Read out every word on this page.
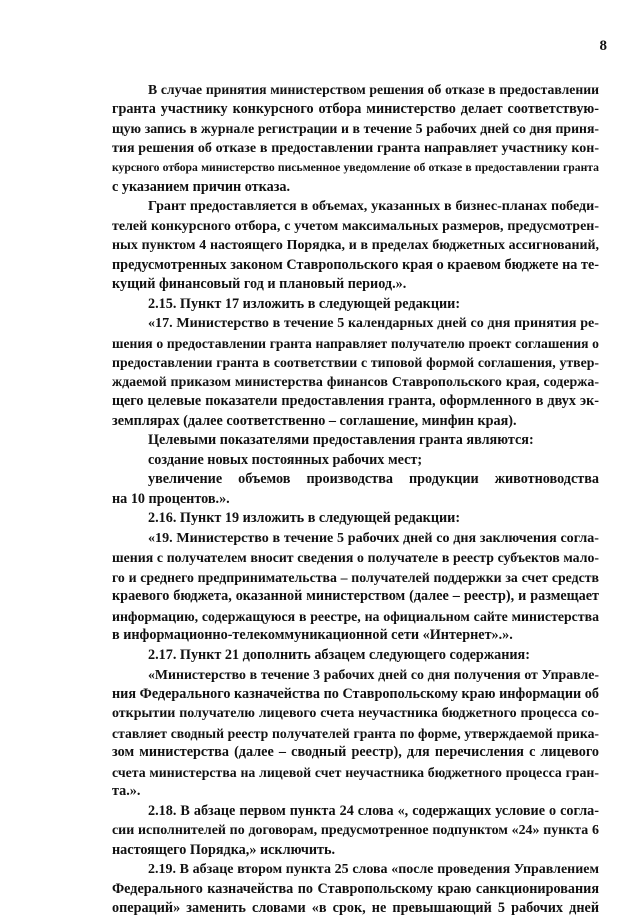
8
В случае принятия министерством решения об отказе в предоставлении
гранта участнику конкурсного отбора министерство делает соответствую-
щую запись в журнале регистрации и в течение 5 рабочих дней со дня приня-
тия решения об отказе в предоставлении гранта направляет участнику кон-
курсного отбора министерство письменное уведомление об отказе в предоставлении гранта
с указанием причин отказа.
Грант предоставляется в объемах, указанных в бизнес-планах победи-
телей конкурсного отбора, с учетом максимальных размеров, предусмотрен-
ных пунктом 4 настоящего Порядка, и в пределах бюджетных ассигнований,
предусмотренных законом Ставропольского края о краевом бюджете на те-
кущий финансовый год и плановый период.».
2.15. Пункт 17 изложить в следующей редакции:
«17. Министерство в течение 5 календарных дней со дня принятия ре-
шения о предоставлении гранта направляет получателю проект соглашения о
предоставлении гранта в соответствии с типовой формой соглашения, утвер-
ждаемой приказом министерства финансов Ставропольского края, содержа-
щего целевые показатели предоставления гранта, оформленного в двух эк-
земплярах (далее соответственно – соглашение, минфин края).
Целевыми показателями предоставления гранта являются:
создание новых постоянных рабочих мест;
увеличение объемов производства продукции животноводства
на 10 процентов.».
2.16. Пункт 19 изложить в следующей редакции:
«19. Министерство в течение 5 рабочих дней со дня заключения согла-
шения с получателем вносит сведения о получателе в реестр субъектов мало-
го и среднего предпринимательства – получателей поддержки за счет средств
краевого бюджета, оказанной министерством (далее – реестр), и размещает
информацию, содержащуюся в реестре, на официальном сайте министерства
в информационно-телекоммуникационной сети «Интернет».».
2.17. Пункт 21 дополнить абзацем следующего содержания:
«Министерство в течение 3 рабочих дней со дня получения от Управле-
ния Федерального казначейства по Ставропольскому краю информации об
открытии получателю лицевого счета неучастника бюджетного процесса со-
ставляет сводный реестр получателей гранта по форме, утверждаемой прика-
зом министерства (далее – сводный реестр), для перечисления с лицевого
счета министерства на лицевой счет неучастника бюджетного процесса гран-
та.».
2.18. В абзаце первом пункта 24 слова «, содержащих условие о согла-
сии исполнителей по договорам, предусмотренное подпунктом «24» пункта 6
настоящего Порядка,» исключить.
2.19. В абзаце втором пункта 25 слова «после проведения Управлением
Федерального казначейства по Ставропольскому краю санкционирования
операций» заменить словами «в срок, не превышающий 5 рабочих дней
